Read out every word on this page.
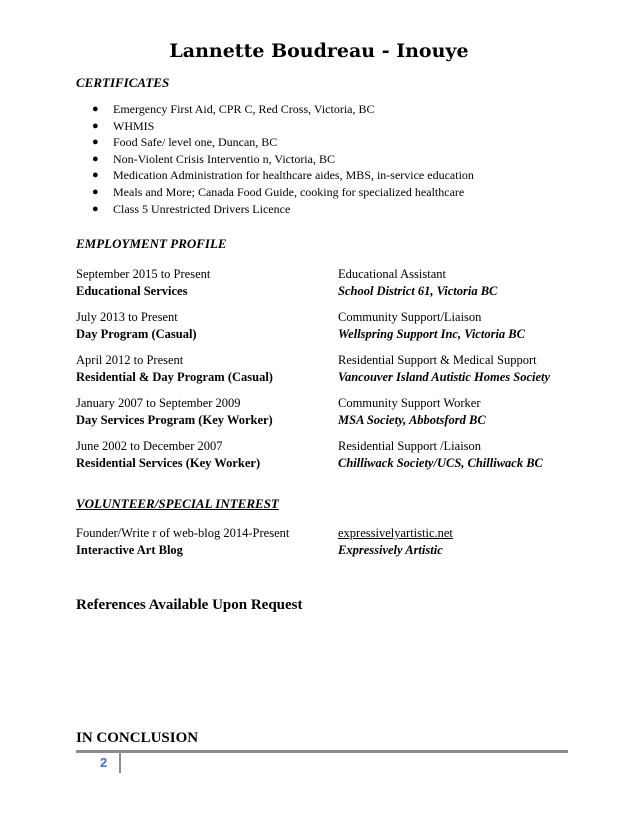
Lannette Boudreau - Inouye
CERTIFICATES
● Emergency First Aid, CPR C, Red Cross, Victoria, BC
● WHMIS
● Food Safe/ level one, Duncan, BC
● Non-Violent Crisis Interventio n, Victoria, BC
● Medication Administration for healthcare aides, MBS, in-service education
● Meals and More; Canada Food Guide, cooking for specialized healthcare
● Class 5 Unrestricted Drivers Licence
EMPLOYMENT PROFILE
September 2015 to Present	Educational Assistant
Educational Services	School District 61, Victoria BC
July 2013 to Present	Community Support/Liaison
Day Program (Casual)	Wellspring Support Inc, Victoria BC
April 2012 to Present	Residential Support & Medical Support
Residential & Day Program (Casual)	Vancouver Island Autistic Homes Society
January 2007 to September 2009	Community Support Worker
Day Services Program (Key Worker)	MSA Society, Abbotsford BC
June 2002 to December 2007	Residential Support /Liaison
Residential Services (Key Worker)	Chilliwack Society/UCS, Chilliwack BC
VOLUNTEER/SPECIAL INTEREST
Founder/Write r of web-blog 2014-Present	expressivelyartistic.net
Interactive Art Blog	Expressively Artistic
References Available Upon Request
IN CONCLUSION
2
